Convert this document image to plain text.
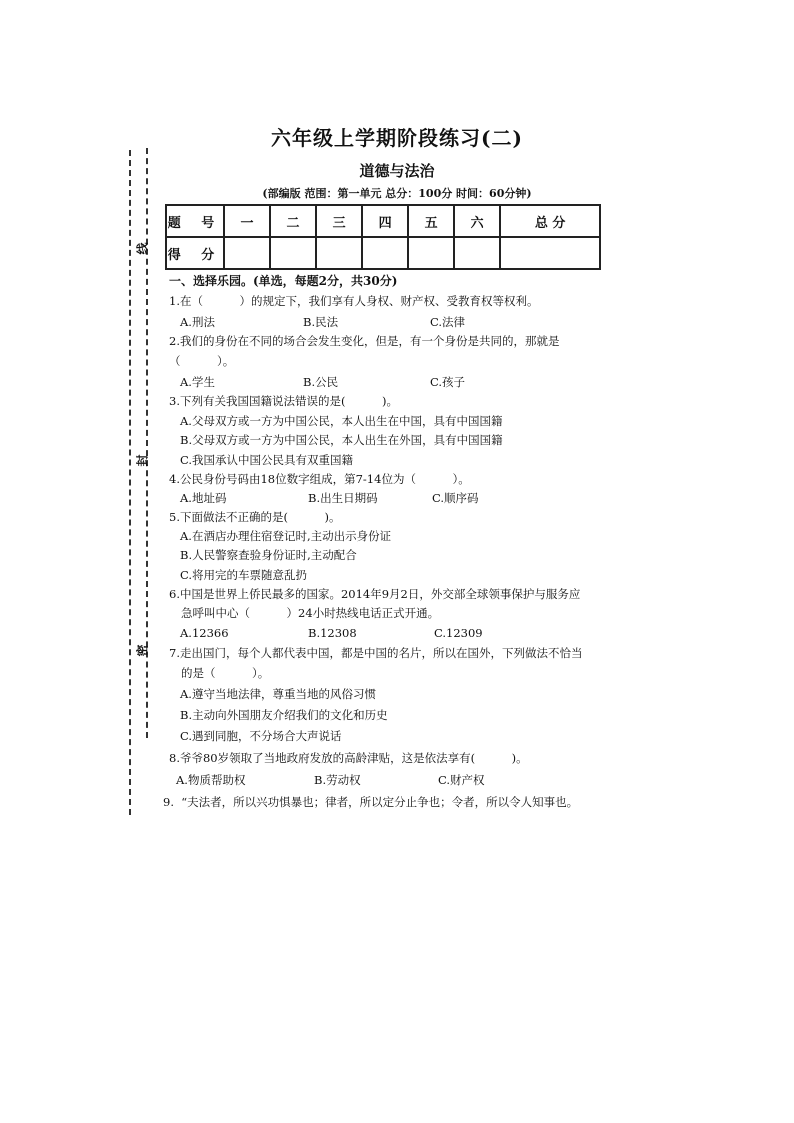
线
封
密
六年级上学期阶段练习(二)
道德与法治
(部编版 范围：第一单元 总分：100分 时间：60分钟)
题 号	一	二	三	四	五	六	总 分
得 分							
一、选择乐园。(单选，每题2分，共30分)
1.在（          ）的规定下，我们享有人身权、财产权、受教育权等权利。
A.刑法	B.民法	C.法律
2.我们的身份在不同的场合会发生变化，但是，有一个身份是共同的，那就是
（          ）。
A.学生	B.公民	C.孩子
3.下列有关我国国籍说法错误的是(          )。
A.父母双方或一方为中国公民，本人出生在中国，具有中国国籍
B.父母双方或一方为中国公民，本人出生在外国，具有中国国籍
C.我国承认中国公民具有双重国籍
4.公民身份号码由18位数字组成，第7-14位为（          ）。
A.地址码	B.出生日期码	C.顺序码
5.下面做法不正确的是(          )。
A.在酒店办理住宿登记时,主动出示身份证
B.人民警察查验身份证时,主动配合
C.将用完的车票随意乱扔
6.中国是世界上侨民最多的国家。2014年9月2日，外交部全球领事保护与服务应
急呼叫中心（          ）24小时热线电话正式开通。
A.12366	B.12308	C.12309
7.走出国门，每个人都代表中国，都是中国的名片，所以在国外，下列做法不恰当
的是（          ）。
A.遵守当地法律，尊重当地的风俗习惯
B.主动向外国朋友介绍我们的文化和历史
C.遇到同胞，不分场合大声说话
8.爷爷80岁领取了当地政府发放的高龄津贴，这是依法享有(          )。
A.物质帮助权	B.劳动权	C.财产权
9.  “夫法者，所以兴功惧暴也；律者，所以定分止争也；令者，所以令人知事也。
